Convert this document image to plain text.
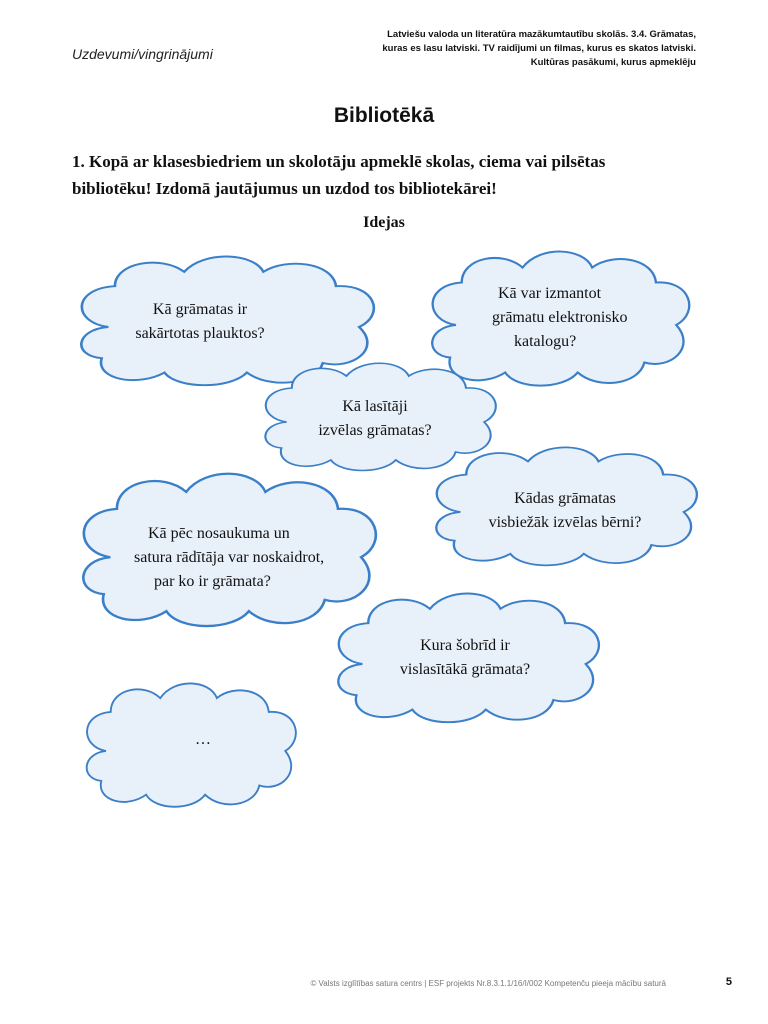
Uzdevumi/vingrinājumi
Latviešu valoda un literatūra mazākumtautību skolās. 3.4. Grāmatas,
kuras es lasu latviski. TV raidījumi un filmas, kurus es skatos latviski.
Kultūras pasākumi, kurus apmeklēju
Bibliotēkā
1. Kopā ar klasesbiedriem un skolotāju apmeklē skolas, ciema vai pilsētas
bibliotēku! Izdomā jautājumus un uzdod tos bibliotekārei!
Idejas
Kā grāmatas ir
sakārtotas plauktos?
Kā var izmantot
grāmatu elektronisko
katalogu?
Kā lasītāji
izvēlas grāmatas?
Kādas grāmatas
visbiežāk izvēlas bērni?
Kā pēc nosaukuma un
satura rādītāja var noskaidrot,
par ko ir grāmata?
Kura šobrīd ir
vislasītākā grāmata?
…
© Valsts izglītības satura centrs | ESF projekts Nr.8.3.1.1/16/I/002 Kompetenču pieeja mācību saturā	5
